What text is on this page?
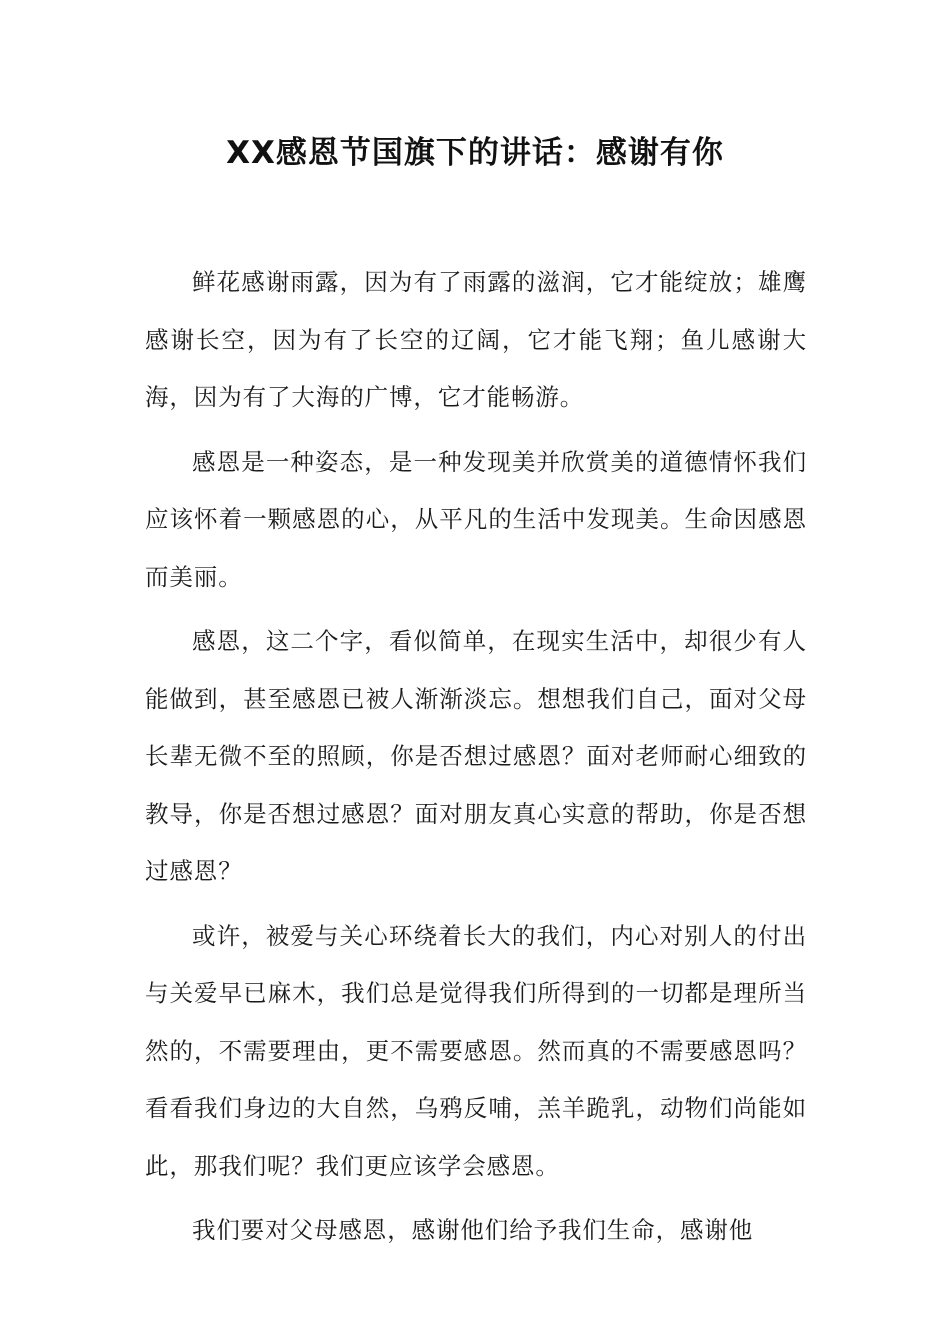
XX感恩节国旗下的讲话：感谢有你

鲜花感谢雨露，因为有了雨露的滋润，它才能绽放；雄鹰感谢长空，因为有了长空的辽阔，它才能飞翔；鱼儿感谢大海，因为有了大海的广博，它才能畅游。

感恩是一种姿态，是一种发现美并欣赏美的道德情怀我们应该怀着一颗感恩的心，从平凡的生活中发现美。生命因感恩而美丽。

感恩，这二个字，看似简单，在现实生活中，却很少有人能做到，甚至感恩已被人渐渐淡忘。想想我们自己，面对父母长辈无微不至的照顾，你是否想过感恩？面对老师耐心细致的教导，你是否想过感恩？面对朋友真心实意的帮助，你是否想过感恩？

或许，被爱与关心环绕着长大的我们，内心对别人的付出与关爱早已麻木，我们总是觉得我们所得到的一切都是理所当然的，不需要理由，更不需要感恩。然而真的不需要感恩吗？看看我们身边的大自然，乌鸦反哺，羔羊跪乳，动物们尚能如此，那我们呢？我们更应该学会感恩。

我们要对父母感恩，感谢他们给予我们生命，感谢他
